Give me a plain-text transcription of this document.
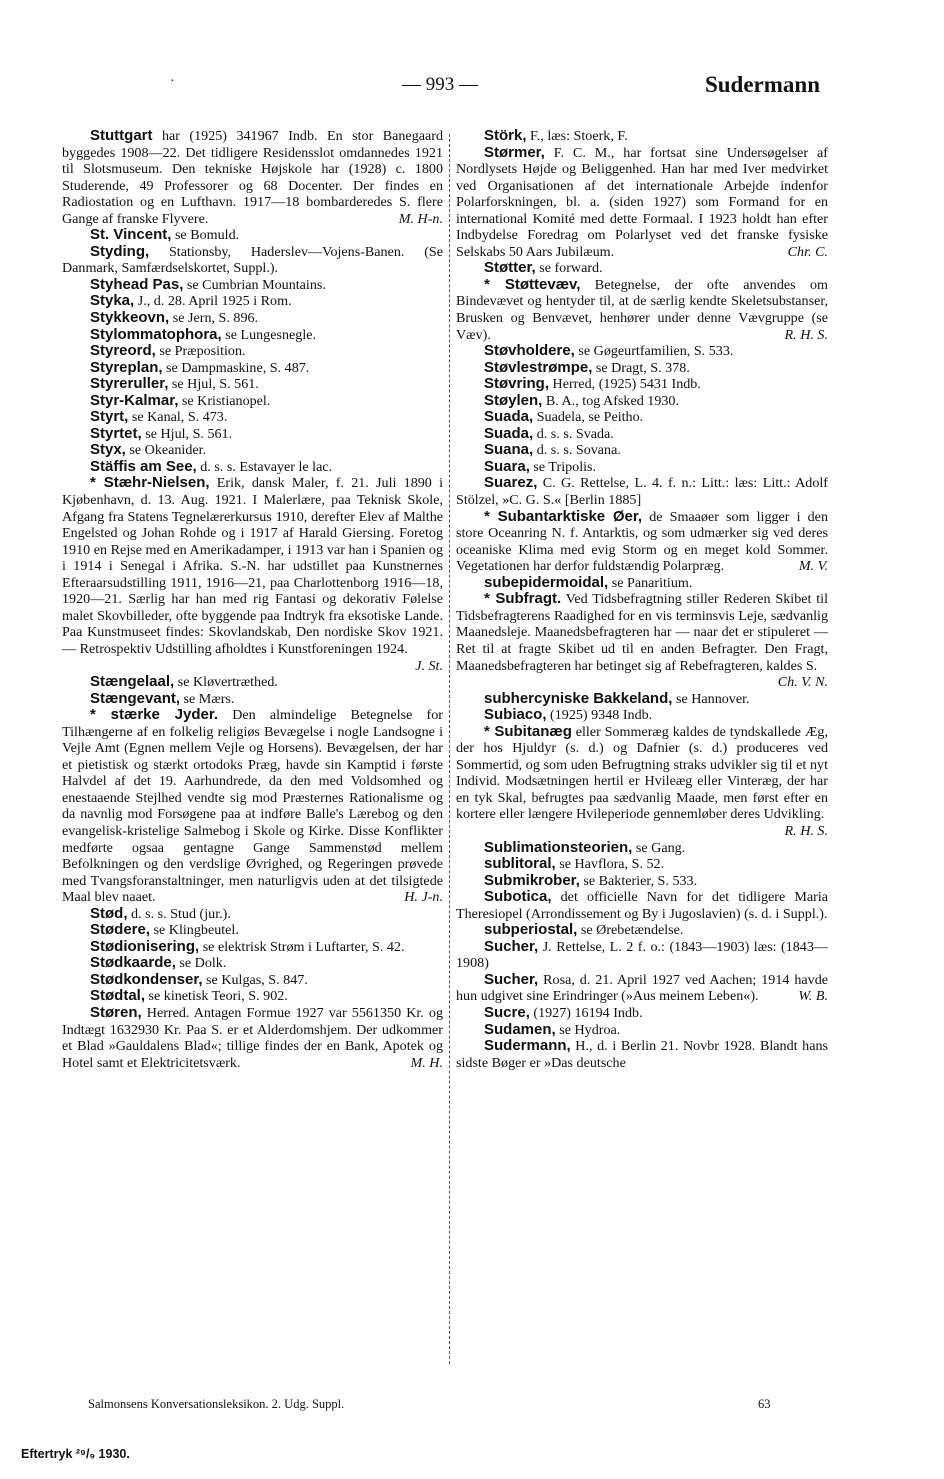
·	— 993 —	Sudermann

Stuttgart har (1925) 341967 Indb. En stor Banegaard byggedes 1908—22. Det tidligere Residensslot omdannedes 1921 til Slotsmuseum. Den tekniske Højskole har (1928) c. 1800 Studerende, 49 Professorer og 68 Docenter. Der findes en Radiostation og en Lufthavn. 1917—18 bombarderedes S. flere Gange af franske Flyvere.	M. H-n.

St. Vincent, se Bomuld.

Styding, Stationsby, Haderslev—Vojens-Banen. (Se Danmark, Samfærdselskortet, Suppl.).

Styhead Pas, se Cumbrian Mountains.

Styka, J., d. 28. April 1925 i Rom.

Stykkeovn, se Jern, S. 896.

Stylommatophora, se Lungesnegle.

Styreord, se Præposition.

Styreplan, se Dampmaskine, S. 487.

Styreruller, se Hjul, S. 561.

Styr-Kalmar, se Kristianopel.

Styrt, se Kanal, S. 473.

Styrtet, se Hjul, S. 561.

Styx, se Okeanider.

Stäffis am See, d. s. s. Estavayer le lac.

* Stæhr-Nielsen, Erik, dansk Maler, f. 21. Juli 1890 i Kjøbenhavn, d. 13. Aug. 1921. I Malerlære, paa Teknisk Skole, Afgang fra Statens Tegnelærerkursus 1910, derefter Elev af Malthe Engelsted og Johan Rohde og i 1917 af Harald Giersing. Foretog 1910 en Rejse med en Amerikadamper, i 1913 var han i Spanien og i 1914 i Senegal i Afrika. S.-N. har udstillet paa Kunstnernes Efteraarsudstilling 1911, 1916—21, paa Charlottenborg 1916—18, 1920—21. Særlig har han med rig Fantasi og dekorativ Følelse malet Skovbilleder, ofte byggende paa Indtryk fra eksotiske Lande. Paa Kunstmuseet findes: Skovlandskab, Den nordiske Skov 1921. — Retrospektiv Udstilling afholdtes i Kunstforeningen 1924.
J. St.

Stængelaal, se Kløvertræthed.

Stængevant, se Mærs.

* stærke Jyder. Den almindelige Betegnelse for Tilhængerne af en folkelig religiøs Bevægelse i nogle Landsogne i Vejle Amt (Egnen mellem Vejle og Horsens). Bevægelsen, der har et pietistisk og stærkt ortodoks Præg, havde sin Kamptid i første Halvdel af det 19. Aarhundrede, da den med Voldsomhed og enestaaende Stejlhed vendte sig mod Præsternes Rationalisme og da navnlig mod Forsøgene paa at indføre Balle's Lærebog og den evangelisk-kristelige Salmebog i Skole og Kirke. Disse Konflikter medførte ogsaa gentagne Gange Sammenstød mellem Befolkningen og den verdslige Øvrighed, og Regeringen prøvede med Tvangsforanstaltninger, men naturligvis uden at det tilsigtede Maal blev naaet.	H. J-n.

Stød, d. s. s. Stud (jur.).

Stødere, se Klingbeutel.

Stødionisering, se elektrisk Strøm i Luftarter, S. 42.

Stødkaarde, se Dolk.

Stødkondenser, se Kulgas, S. 847.

Stødtal, se kinetisk Teori, S. 902.

Støren, Herred. Antagen Formue 1927 var 5561350 Kr. og Indtægt 1632930 Kr. Paa S. er et Alderdomshjem. Der udkommer et Blad »Gauldalens Blad«; tillige findes der en Bank, Apotek og Hotel samt et Elektricitetsværk.	M. H.

Störk, F., læs: Stoerk, F.

Størmer, F. C. M., har fortsat sine Undersøgelser af Nordlysets Højde og Beliggenhed. Han har med Iver medvirket ved Organisationen af det internationale Arbejde indenfor Polarforskningen, bl. a. (siden 1927) som Formand for en international Komité med dette Formaal. I 1923 holdt han efter Indbydelse Foredrag om Polarlyset ved det franske fysiske Selskabs 50 Aars Jubilæum.	Chr. C.

Støtter, se forward.

* Støttevæv, Betegnelse, der ofte anvendes om Bindevævet og hentyder til, at de særlig kendte Skeletsubstanser, Brusken og Benvævet, henhører under denne Vævgruppe (se Væv).	R. H. S.

Støvholdere, se Gøgeurtfamilien, S. 533.

Støvlestrømpe, se Dragt, S. 378.

Støvring, Herred, (1925) 5431 Indb.

Støylen, B. A., tog Afsked 1930.

Suada, Suadela, se Peitho.

Suada, d. s. s. Svada.

Suana, d. s. s. Sovana.

Suara, se Tripolis.

Suarez, C. G. Rettelse, L. 4. f. n.: Litt.: læs: Litt.: Adolf Stölzel, »C. G. S.« [Berlin 1885]

* Subantarktiske Øer, de Smaaøer som ligger i den store Oceanring N. f. Antarktis, og som udmærker sig ved deres oceaniske Klima med evig Storm og en meget kold Sommer. Vegetationen har derfor fuldstændig Polarpræg.	M. V.

subepidermoidal, se Panaritium.

* Subfragt. Ved Tidsbefragtning stiller Rederen Skibet til Tidsbefragterens Raadighed for en vis terminsvis Leje, sædvanlig Maanedsleje. Maanedsbefragteren har — naar det er stipuleret — Ret til at fragte Skibet ud til en anden Befragter. Den Fragt, Maanedsbefragteren har betinget sig af Rebefragteren, kaldes S.
Ch. V. N.

subhercyniske Bakkeland, se Hannover.

Subiaco, (1925) 9348 Indb.

* Subitanæg eller Sommeræg kaldes de tyndskallede Æg, der hos Hjuldyr (s. d.) og Dafnier (s. d.) produceres ved Sommertid, og som uden Befrugtning straks udvikler sig til et nyt Individ. Modsætningen hertil er Hvileæg eller Vinteræg, der har en tyk Skal, befrugtes paa sædvanlig Maade, men først efter en kortere eller længere Hvileperiode gennemløber deres Udvikling.
R. H. S.

Sublimationsteorien, se Gang.

sublitoral, se Havflora, S. 52.

Submikrober, se Bakterier, S. 533.

Subotica, det officielle Navn for det tidligere Maria Theresiopel (Arrondissement og By i Jugoslavien) (s. d. i Suppl.).

subperiostal, se Ørebetændelse.

Sucher, J. Rettelse, L. 2 f. o.: (1843—1903) læs: (1843—1908)

Sucher, Rosa, d. 21. April 1927 ved Aachen; 1914 havde hun udgivet sine Erindringer (»Aus meinem Leben«).	W. B.

Sucre, (1927) 16194 Indb.

Sudamen, se Hydroa.

Sudermann, H., d. i Berlin 21. Novbr 1928. Blandt hans sidste Bøger er »Das deutsche

Salmonsens Konversationsleksikon. 2. Udg. Suppl.	63
Eftertryk ²⁹/₉ 1930.
